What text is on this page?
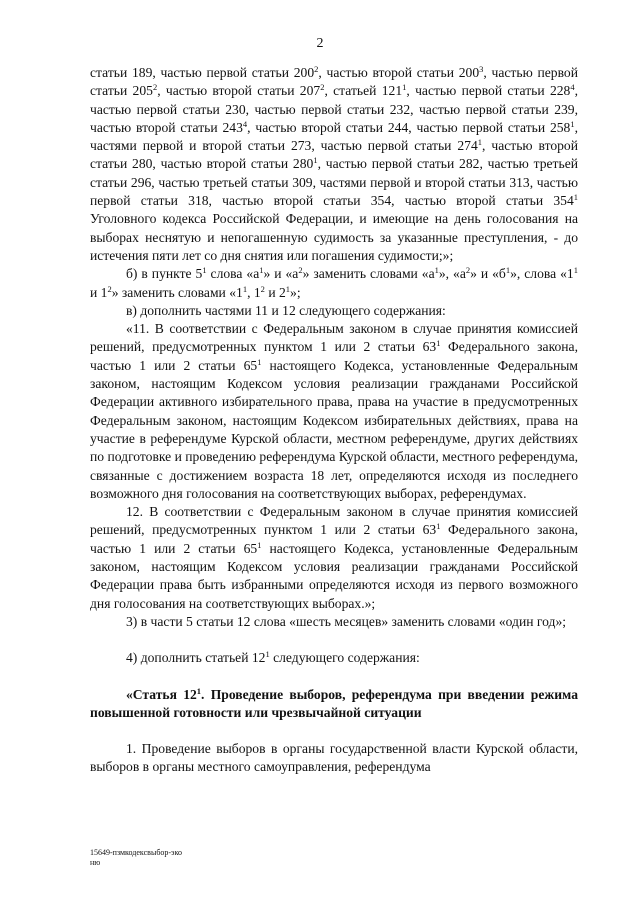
2

статьи 189, частью первой статьи $200^2$, частью второй статьи $200^3$, частью первой статьи $205^2$, частью второй статьи $207^2$, статьей $121^1$, частью первой статьи $228^4$, частью первой статьи 230, частью первой статьи 232, частью первой статьи 239, частью второй статьи $243^4$, частью второй статьи 244, частью первой статьи $258^1$, частями первой и второй статьи 273, частью первой статьи $274^1$, частью второй статьи 280, частью второй статьи $280^1$, частью первой статьи 282, частью третьей статьи 296, частью третьей статьи 309, частями первой и второй статьи 313, частью первой статьи 318, частью второй статьи 354, частью второй статьи $354^1$ Уголовного кодекса Российской Федерации, и имеющие на день голосования на выборах неснятую и непогашенную судимость за указанные преступления, - до истечения пяти лет со дня снятия или погашения судимости;»;

б) в пункте $5^1$ слова «$а^1$» и «$а^2$» заменить словами «$а^1$», «$а^2$» и «$б^1$», слова «$1^1$ и $1^2$» заменить словами «$1^1$, $1^2$ и $2^1$»;

в) дополнить частями 11 и 12 следующего содержания:

«11. В соответствии с Федеральным законом в случае принятия комиссией решений, предусмотренных пунктом 1 или 2 статьи $63^1$ Федерального закона, частью 1 или 2 статьи $65^1$ настоящего Кодекса, установленные Федеральным законом, настоящим Кодексом условия реализации гражданами Российской Федерации активного избирательного права, права на участие в предусмотренных Федеральным законом, настоящим Кодексом избирательных действиях, права на участие в референдуме Курской области, местном референдуме, других действиях по подготовке и проведению референдума Курской области, местного референдума, связанные с достижением возраста 18 лет, определяются исходя из последнего возможного дня голосования на соответствующих выборах, референдумах.

12. В соответствии с Федеральным законом в случае принятия комиссией решений, предусмотренных пунктом 1 или 2 статьи $63^1$ Федерального закона, частью 1 или 2 статьи $65^1$ настоящего Кодекса, установленные Федеральным законом, настоящим Кодексом условия реализации гражданами Российской Федерации права быть избранными определяются исходя из первого возможного дня голосования на соответствующих выборах.»;

3) в части 5 статьи 12 слова «шесть месяцев» заменить словами «один год»;

4) дополнить статьей $12^1$ следующего содержания:

«Статья $12^1$. Проведение выборов, референдума при введении режима повышенной готовности или чрезвычайной ситуации

1. Проведение выборов в органы государственной власти Курской области, выборов в органы местного самоуправления, референдума

15649-пзмкодексвыбор-эко
ню
